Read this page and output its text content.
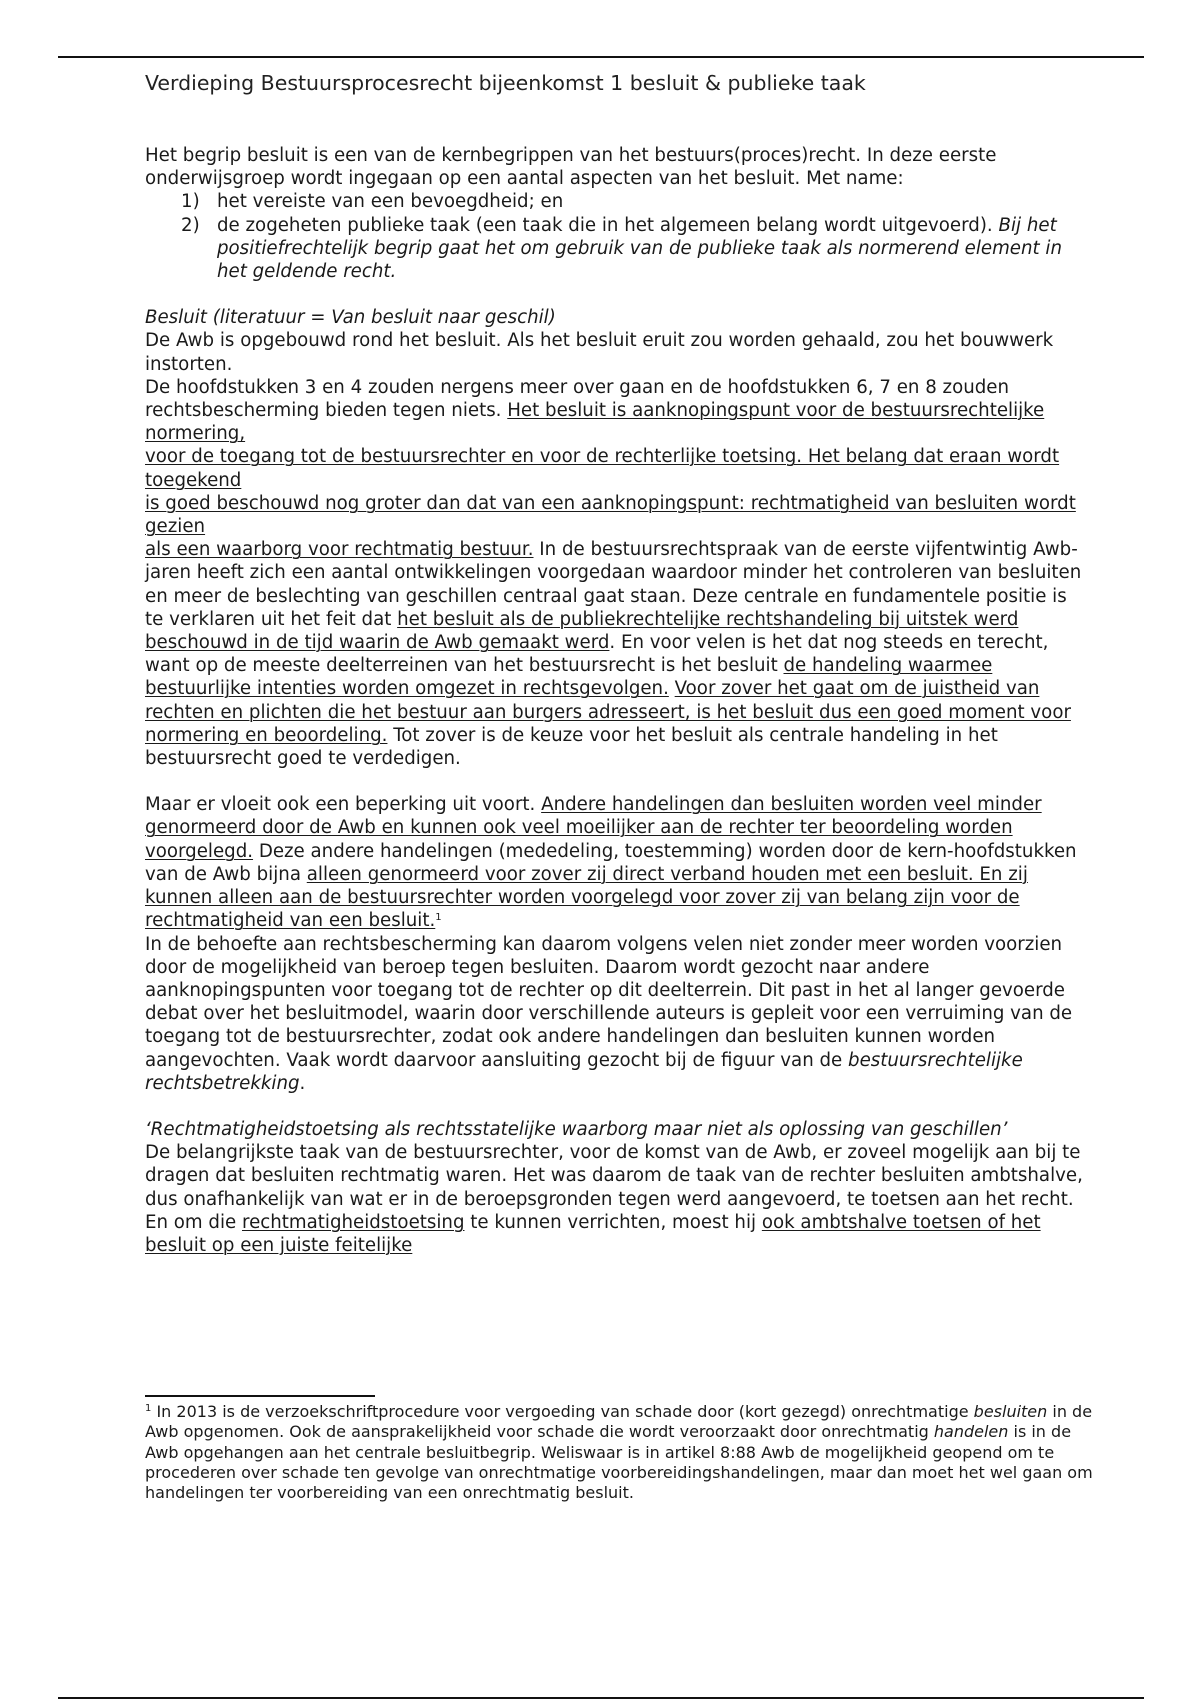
Verdieping Bestuursprocesrecht bijeenkomst 1 besluit & publieke taak

Het begrip besluit is een van de kernbegrippen van het bestuurs(proces)recht. In deze eerste onderwijsgroep wordt ingegaan op een aantal aspecten van het besluit. Met name:

1) het vereiste van een bevoegdheid; en
2) de zogeheten publieke taak (een taak die in het algemeen belang wordt uitgevoerd). Bij het positiefrechtelijk begrip gaat het om gebruik van de publieke taak als normerend element in het geldende recht.

Besluit (literatuur = Van besluit naar geschil)

De Awb is opgebouwd rond het besluit. Als het besluit eruit zou worden gehaald, zou het bouwwerk instorten.

De hoofdstukken 3 en 4 zouden nergens meer over gaan en de hoofdstukken 6, 7 en 8 zouden

rechtsbescherming bieden tegen niets. Het besluit is aanknopingspunt voor de bestuursrechtelijke normering,

voor de toegang tot de bestuursrechter en voor de rechterlijke toetsing. Het belang dat eraan wordt toegekend

is goed beschouwd nog groter dan dat van een aanknopingspunt: rechtmatigheid van besluiten wordt gezien

als een waarborg voor rechtmatig bestuur. In de bestuursrechtspraak van de eerste vijfentwintig Awb-jaren heeft zich een aantal ontwikkelingen voorgedaan waardoor minder het controleren van besluiten en meer de beslechting van geschillen centraal gaat staan. Deze centrale en fundamentele positie is te verklaren uit het feit dat het besluit als de publiekrechtelijke rechtshandeling bij uitstek werd beschouwd in de tijd waarin de Awb gemaakt werd. En voor velen is het dat nog steeds en terecht, want op de meeste deelterreinen van het bestuursrecht is het besluit de handeling waarmee bestuurlijke intenties worden omgezet in rechtsgevolgen. Voor zover het gaat om de juistheid van rechten en plichten die het bestuur aan burgers adresseert, is het besluit dus een goed moment voor normering en beoordeling. Tot zover is de keuze voor het besluit als centrale handeling in het bestuursrecht goed te verdedigen.

Maar er vloeit ook een beperking uit voort. Andere handelingen dan besluiten worden veel minder genormeerd door de Awb en kunnen ook veel moeilijker aan de rechter ter beoordeling worden voorgelegd. Deze andere handelingen (mededeling, toestemming) worden door de kern-hoofdstukken van de Awb bijna alleen genormeerd voor zover zij direct verband houden met een besluit. En zij kunnen alleen aan de bestuursrechter worden voorgelegd voor zover zij van belang zijn voor de rechtmatigheid van een besluit.$^1$

In de behoefte aan rechtsbescherming kan daarom volgens velen niet zonder meer worden voorzien door de mogelijkheid van beroep tegen besluiten. Daarom wordt gezocht naar andere aanknopingspunten voor toegang tot de rechter op dit deelterrein. Dit past in het al langer gevoerde debat over het besluitmodel, waarin door verschillende auteurs is gepleit voor een verruiming van de toegang tot de bestuursrechter, zodat ook andere handelingen dan besluiten kunnen worden aangevochten. Vaak wordt daarvoor aansluiting gezocht bij de figuur van de bestuursrechtelijke rechtsbetrekking.

‘Rechtmatigheidstoetsing als rechtsstatelijke waarborg maar niet als oplossing van geschillen’

De belangrijkste taak van de bestuursrechter, voor de komst van de Awb, er zoveel mogelijk aan bij te dragen dat besluiten rechtmatig waren. Het was daarom de taak van de rechter besluiten ambtshalve, dus onafhankelijk van wat er in de beroepsgronden tegen werd aangevoerd, te toetsen aan het recht. En om die rechtmatigheidstoetsing te kunnen verrichten, moest hij ook ambtshalve toetsen of het besluit op een juiste feitelijke

$^1$ In 2013 is de verzoekschriftprocedure voor vergoeding van schade door (kort gezegd) onrechtmatige besluiten in de Awb opgenomen. Ook de aansprakelijkheid voor schade die wordt veroorzaakt door onrechtmatig handelen is in de Awb opgehangen aan het centrale besluitbegrip. Weliswaar is in artikel 8:88 Awb de mogelijkheid geopend om te procederen over schade ten gevolge van onrechtmatige voorbereidingshandelingen, maar dan moet het wel gaan om handelingen ter voorbereiding van een onrechtmatig besluit.
